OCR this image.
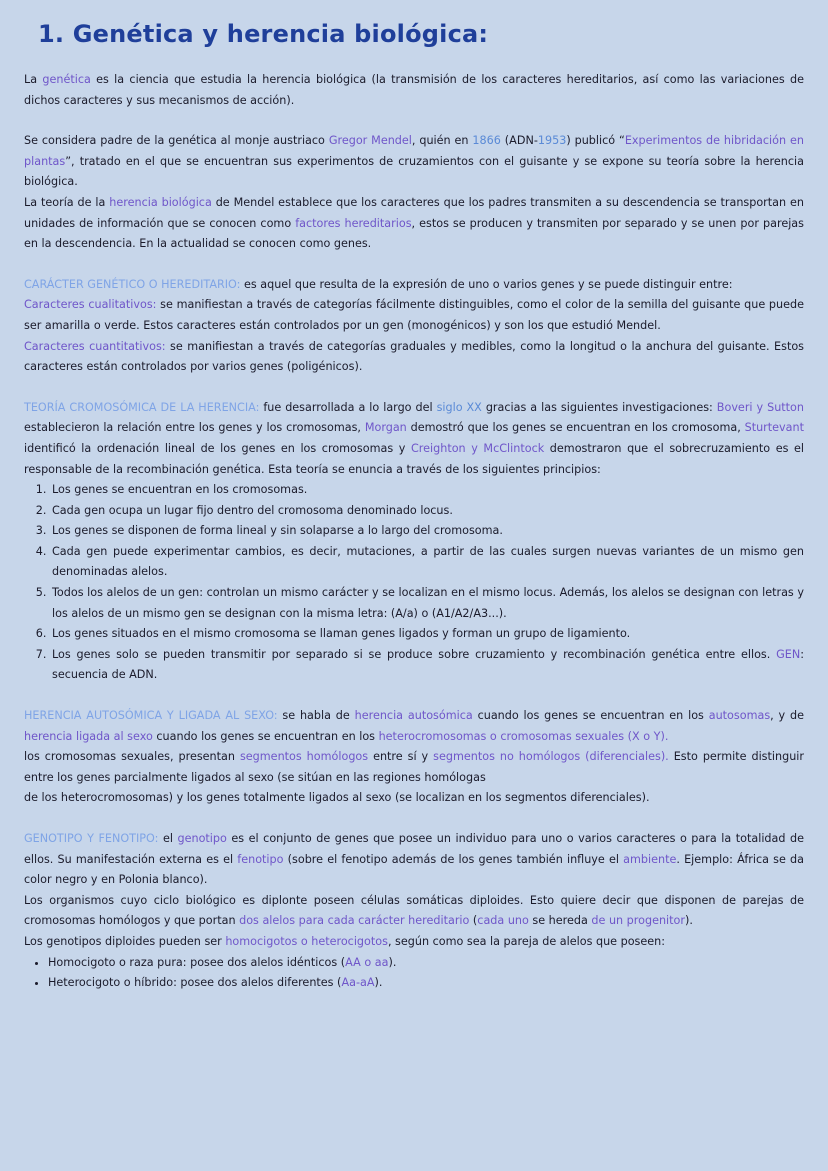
1. Genética y herencia biológica:

La genética es la ciencia que estudia la herencia biológica (la transmisión de los caracteres hereditarios, así como las variaciones de dichos caracteres y sus mecanismos de acción).

Se considera padre de la genética al monje austriaco Gregor Mendel, quién en 1866 (ADN-1953) publicó “Experimentos de hibridación en plantas”, tratado en el que se encuentran sus experimentos de cruzamientos con el guisante y se expone su teoría sobre la herencia biológica.

La teoría de la herencia biológica de Mendel establece que los caracteres que los padres transmiten a su descendencia se transportan en unidades de información que se conocen como factores hereditarios, estos se producen y transmiten por separado y se unen por parejas en la descendencia. En la actualidad se conocen como genes.

CARÁCTER GENÉTICO O HEREDITARIO: es aquel que resulta de la expresión de uno o varios genes y se puede distinguir entre:

Caracteres cualitativos: se manifiestan a través de categorías fácilmente distinguibles, como el color de la semilla del guisante que puede ser amarilla o verde. Estos caracteres están controlados por un gen (monogénicos) y son los que estudió Mendel.

Caracteres cuantitativos: se manifiestan a través de categorías graduales y medibles, como la longitud o la anchura del guisante. Estos caracteres están controlados por varios genes (poligénicos).

TEORÍA CROMOSÓMICA DE LA HERENCIA: fue desarrollada a lo largo del siglo XX gracias a las siguientes investigaciones: Boveri y Sutton establecieron la relación entre los genes y los cromosomas, Morgan demostró que los genes se encuentran en los cromosoma, Sturtevant identificó la ordenación lineal de los genes en los cromosomas y Creighton y McClintock demostraron que el sobrecruzamiento es el responsable de la recombinación genética. Esta teoría se enuncia a través de los siguientes principios:

1. Los genes se encuentran en los cromosomas.
2. Cada gen ocupa un lugar fijo dentro del cromosoma denominado locus.
3. Los genes se disponen de forma lineal y sin solaparse a lo largo del cromosoma.
4. Cada gen puede experimentar cambios, es decir, mutaciones, a partir de las cuales surgen nuevas variantes de un mismo gen denominadas alelos.
5. Todos los alelos de un gen: controlan un mismo carácter y se localizan en el mismo locus. Además, los alelos se designan con letras y los alelos de un mismo gen se designan con la misma letra: (A/a) o (A1/A2/A3...).
6. Los genes situados en el mismo cromosoma se llaman genes ligados y forman un grupo de ligamiento.
7. Los genes solo se pueden transmitir por separado si se produce sobre cruzamiento y recombinación genética entre ellos. GEN: secuencia de ADN.

HERENCIA AUTOSÓMICA Y LIGADA AL SEXO: se habla de herencia autosómica cuando los genes se encuentran en los autosomas, y de herencia ligada al sexo cuando los genes se encuentran en los heterocromosomas o cromosomas sexuales (X o Y).

los cromosomas sexuales, presentan segmentos homólogos entre sí y segmentos no homólogos (diferenciales). Esto permite distinguir entre los genes parcialmente ligados al sexo (se sitúan en las regiones homólogas
de los heterocromosomas) y los genes totalmente ligados al sexo (se localizan en los segmentos diferenciales).

GENOTIPO Y FENOTIPO: el genotipo es el conjunto de genes que posee un individuo para uno o varios caracteres o para la totalidad de ellos. Su manifestación externa es el fenotipo (sobre el fenotipo además de los genes también influye el ambiente. Ejemplo: África se da color negro y en Polonia blanco).

Los organismos cuyo ciclo biológico es diplonte poseen células somáticas diploides. Esto quiere decir que disponen de parejas de cromosomas homólogos y que portan dos alelos para cada carácter hereditario (cada uno se hereda de un progenitor).

Los genotipos diploides pueden ser homocigotos o heterocigotos, según como sea la pareja de alelos que poseen:

• Homocigoto o raza pura: posee dos alelos idénticos (AA o aa).
• Heterocigoto o híbrido: posee dos alelos diferentes (Aa-aA).
